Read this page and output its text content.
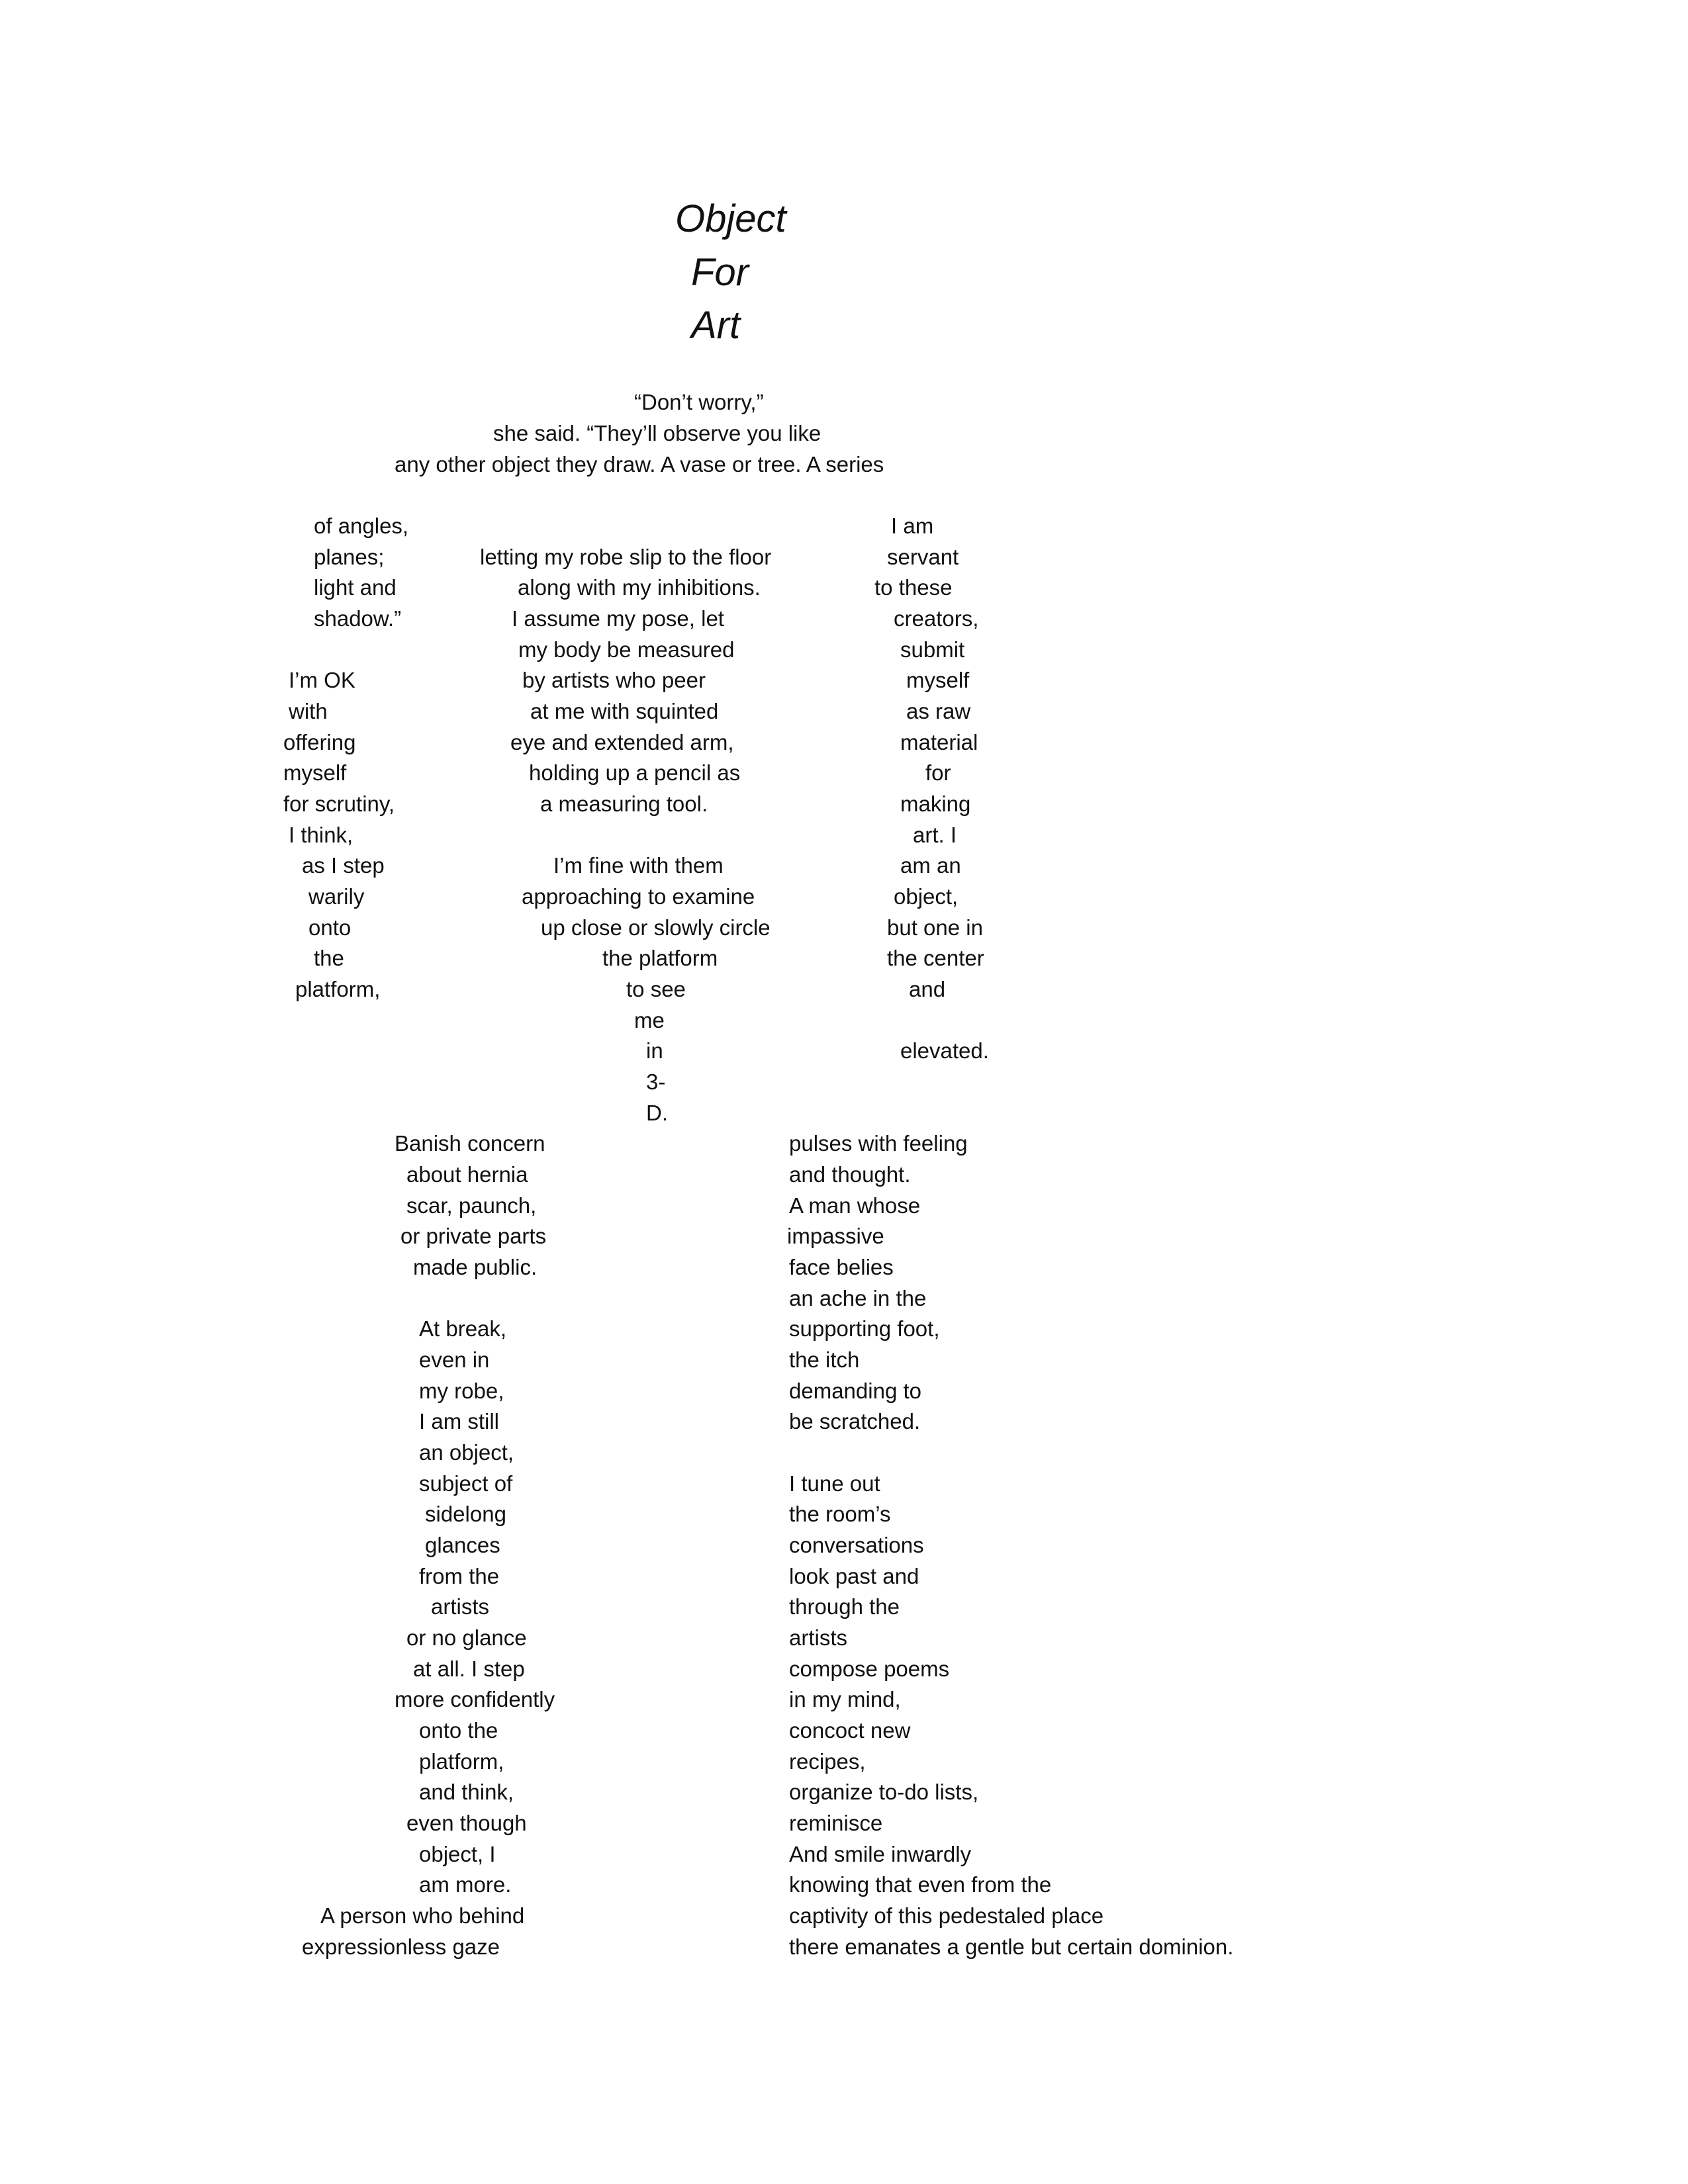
Object
For
Art
“Don’t worry,”
she said. “They’ll observe you like
any other object they draw. A vase or tree. A series
of angles,
planes;
light and
shadow.”
I’m OK
with
offering
myself
for scrutiny,
I think,
as I step
warily
onto
the
platform,
letting my robe slip to the floor
along with my inhibitions.
I assume my pose, let
my body be measured
by artists who peer
at me with squinted
eye and extended arm,
holding up a pencil as
a measuring tool.
I’m fine with them
approaching to examine
up close or slowly circle
the platform
to see
me
in
3-
D.
I am
servant
to these
creators,
submit
myself
as raw
material
for
making
art. I
am an
object,
but one in
the center
and
elevated.
Banish concern
about hernia
scar, paunch,
or private parts
made public.
At break,
even in
my robe,
I am still
an object,
subject of
sidelong
glances
from the
artists
or no glance
at all. I step
more confidently
onto the
platform,
and think,
even though
object, I
am more.
A person who behind
expressionless gaze
pulses with feeling
and thought.
A man whose
impassive
face belies
an ache in the
supporting foot,
the itch
demanding to
be scratched.
I tune out
the room’s
conversations
look past and
through the
artists
compose poems
in my mind,
concoct new
recipes,
organize to-do lists,
reminisce
And smile inwardly
knowing that even from the
captivity of this pedestaled place
there emanates a gentle but certain dominion.
